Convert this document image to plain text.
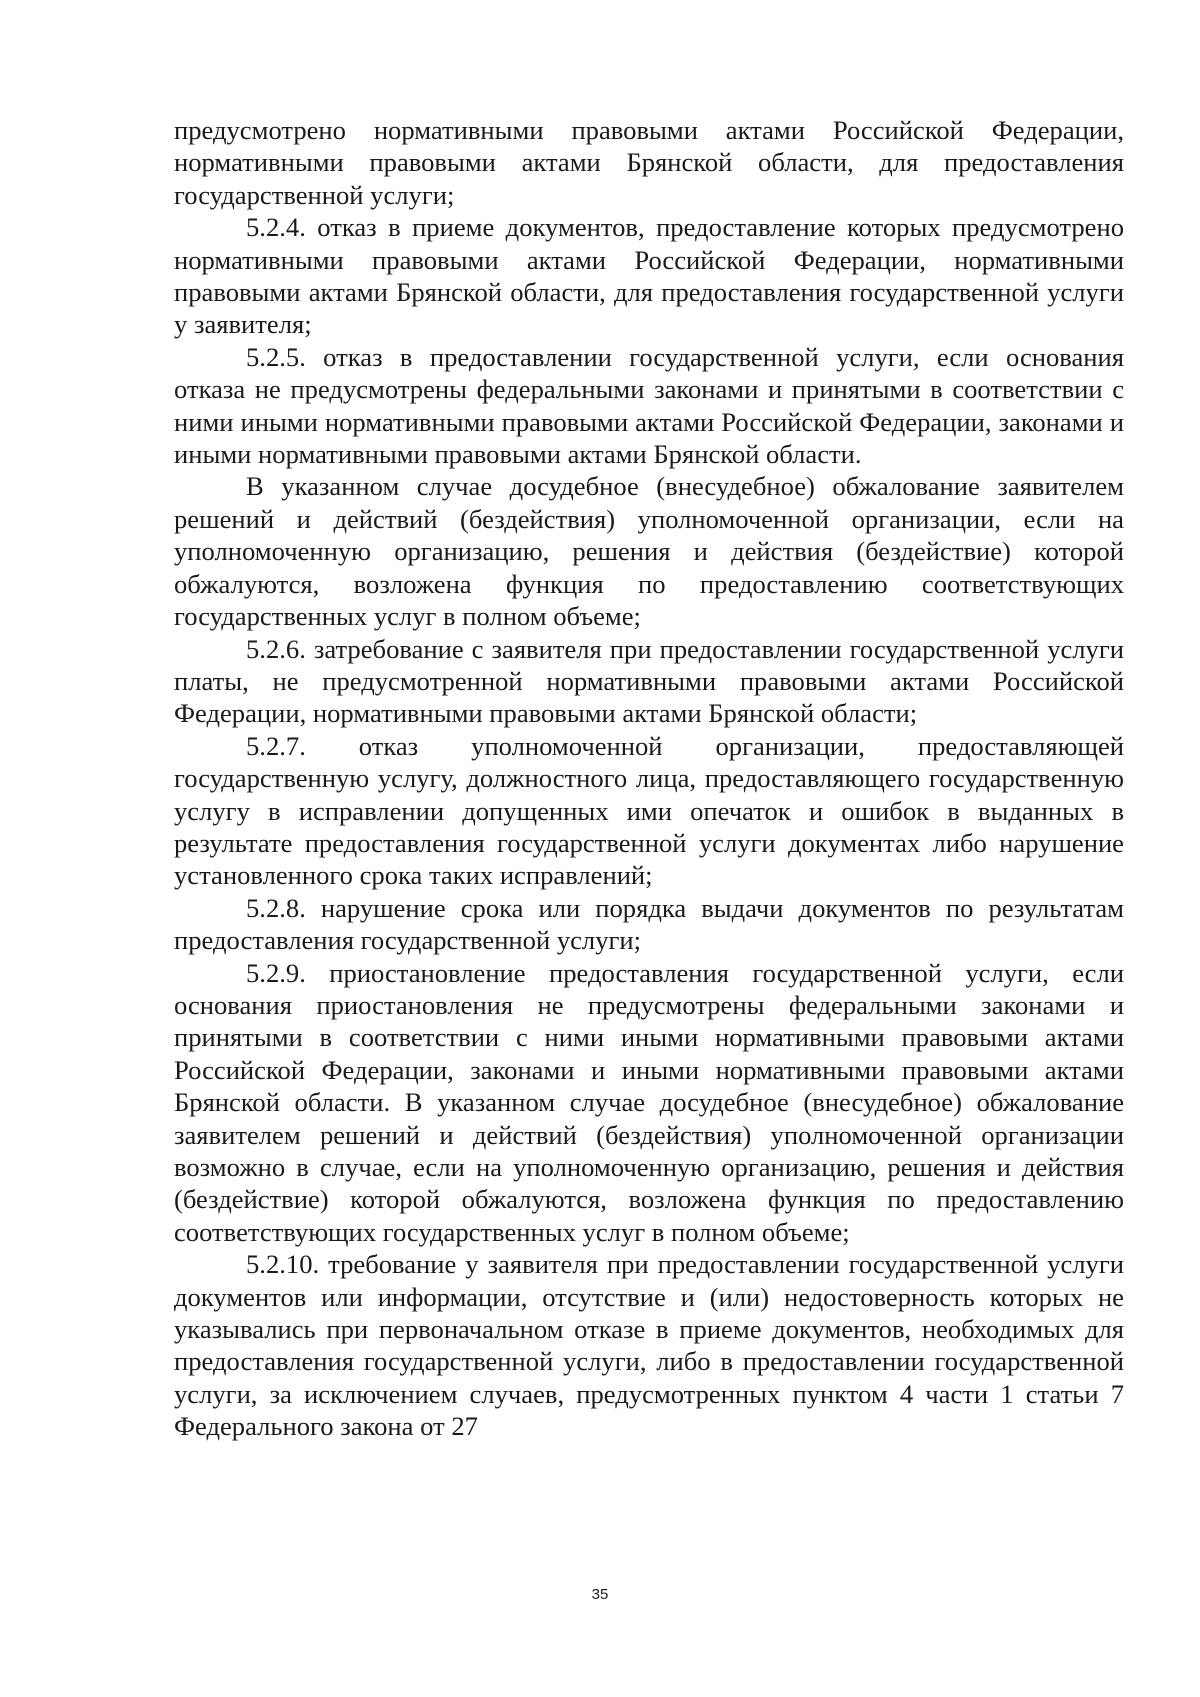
предусмотрено нормативными правовыми актами Российской Федерации, нормативными правовыми актами Брянской области, для предоставления государственной услуги;

5.2.4. отказ в приеме документов, предоставление которых предусмотрено нормативными правовыми актами Российской Федерации, нормативными правовыми актами Брянской области, для предоставления государственной услуги у заявителя;

5.2.5. отказ в предоставлении государственной услуги, если основания отказа не предусмотрены федеральными законами и принятыми в соответствии с ними иными нормативными правовыми актами Российской Федерации, законами и иными нормативными правовыми актами Брянской области.

В указанном случае досудебное (внесудебное) обжалование заявителем решений и действий (бездействия) уполномоченной организации, если на уполномоченную организацию, решения и действия (бездействие) которой обжалуются, возложена функция по предоставлению соответствующих государственных услуг в полном объеме;

5.2.6. затребование с заявителя при предоставлении государственной услуги платы, не предусмотренной нормативными правовыми актами Российской Федерации, нормативными правовыми актами Брянской области;

5.2.7. отказ уполномоченной организации, предоставляющей государственную услугу, должностного лица, предоставляющего государственную услугу в исправлении допущенных ими опечаток и ошибок в выданных в результате предоставления государственной услуги документах либо нарушение установленного срока таких исправлений;

5.2.8. нарушение срока или порядка выдачи документов по результатам предоставления государственной услуги;

5.2.9. приостановление предоставления государственной услуги, если основания приостановления не предусмотрены федеральными законами и принятыми в соответствии с ними иными нормативными правовыми актами Российской Федерации, законами и иными нормативными правовыми актами Брянской области. В указанном случае досудебное (внесудебное) обжалование заявителем решений и действий (бездействия) уполномоченной организации возможно в случае, если на уполномоченную организацию, решения и действия (бездействие) которой обжалуются, возложена функция по предоставлению соответствующих государственных услуг в полном объеме;

5.2.10. требование у заявителя при предоставлении государственной услуги документов или информации, отсутствие и (или) недостоверность которых не указывались при первоначальном отказе в приеме документов, необходимых для предоставления государственной услуги, либо в предоставлении государственной услуги, за исключением случаев, предусмотренных пунктом 4 части 1 статьи 7 Федерального закона от 27

35
